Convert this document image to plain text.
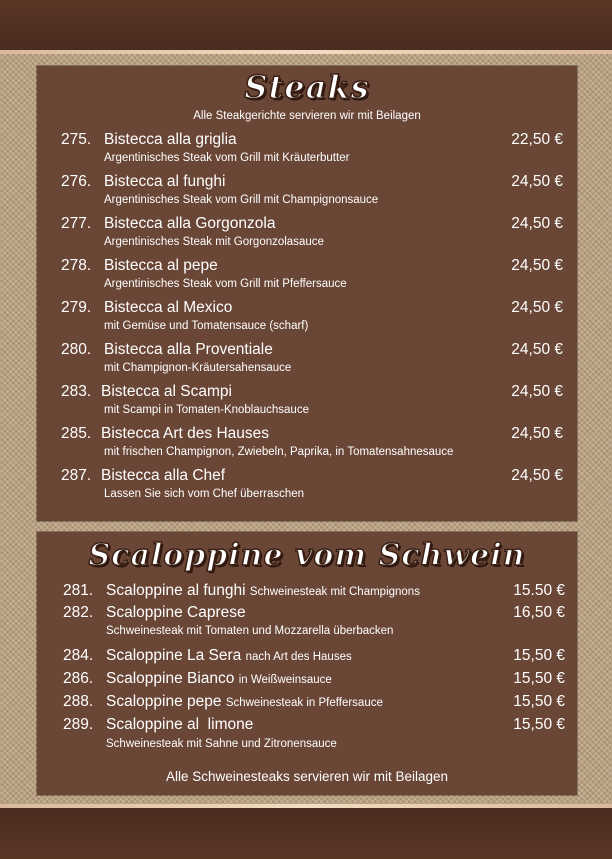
Steaks
Alle Steakgerichte servieren wir mit Beilagen
275. Bistecca alla griglia
Argentinisches Steak vom Grill mit Kräuterbutter
22,50 €
276. Bistecca al funghi
Argentinisches Steak vom Grill mit Champignonsauce
24,50 €
277. Bistecca alla Gorgonzola
Argentinisches Steak mit Gorgonzolasauce
24,50 €
278. Bistecca al pepe
Argentinisches Steak vom Grill mit Pfeffersauce
24,50 €
279. Bistecca al Mexico
mit Gemüse und Tomatensauce (scharf)
24,50 €
280. Bistecca alla Proventiale
mit Champignon-Kräutersahensauce
24,50 €
283. Bistecca al Scampi
mit Scampi in Tomaten-Knoblauchsauce
24,50 €
285. Bistecca Art des Hauses
mit frischen Champignon, Zwiebeln, Paprika, in Tomatensahnesauce
24,50 €
287. Bistecca alla Chef
Lassen Sie sich vom Chef überraschen
24,50 €
Scaloppine vom Schwein
281. Scaloppine al funghi Schweinesteak mit Champignons	15.50 €
282. Scaloppine Caprese
Schweinesteak mit Tomaten und Mozzarella überbacken
16,50 €
284. Scaloppine La Sera nach Art des Hauses	15,50 €
286. Scaloppine Bianco in Weißweinsauce	15,50 €
288. Scaloppine pepe Schweinesteak in Pfeffersauce	15,50 €
289. Scaloppine al  limone
Schweinesteak mit Sahne und Zitronensauce
15,50 €
Alle Schweinesteaks servieren wir mit Beilagen
